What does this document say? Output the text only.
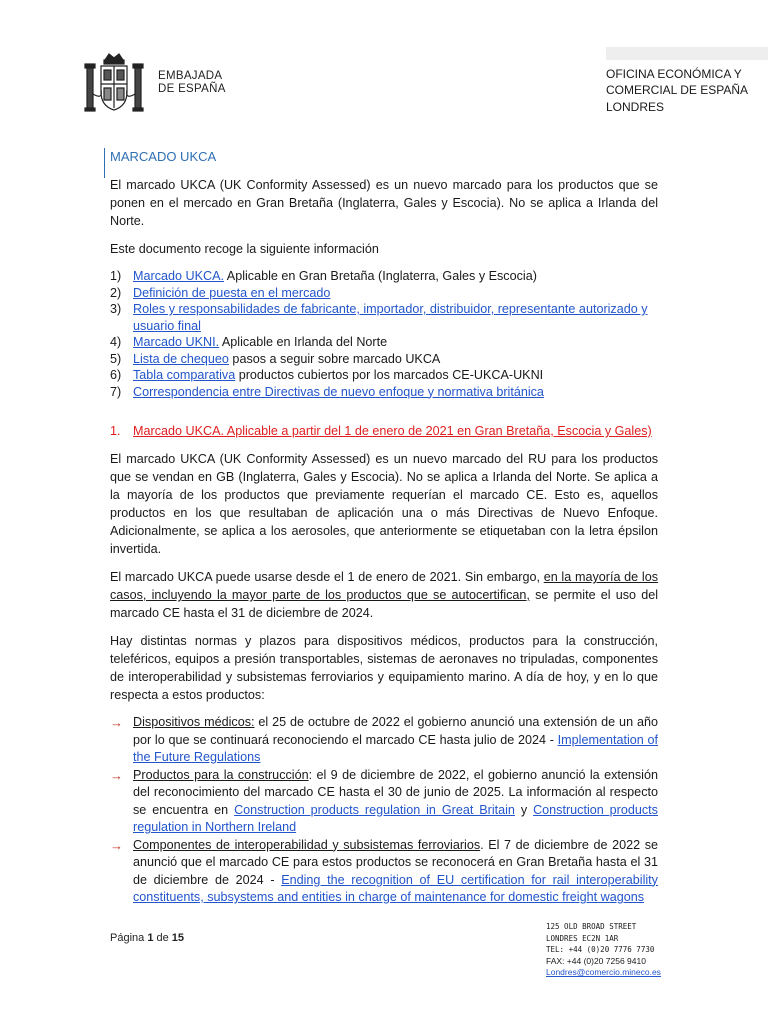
EMBAJADA
DE ESPAÑA
OFICINA ECONÓMICA Y
COMERCIAL DE ESPAÑA
LONDRES
MARCADO UKCA

El marcado UKCA (UK Conformity Assessed) es un nuevo marcado para los productos que se ponen en el mercado en Gran Bretaña (Inglaterra, Gales y Escocia). No se aplica a Irlanda del Norte.

Este documento recoge la siguiente información

1) Marcado UKCA. Aplicable en Gran Bretaña (Inglaterra, Gales y Escocia)
2) Definición de puesta en el mercado
3) Roles y responsabilidades de fabricante, importador, distribuidor, representante autorizado y usuario final
4) Marcado UKNI. Aplicable en Irlanda del Norte
5) Lista de chequeo pasos a seguir sobre marcado UKCA
6) Tabla comparativa productos cubiertos por los marcados CE-UKCA-UKNI
7) Correspondencia entre Directivas de nuevo enfoque y normativa británica
1. Marcado UKCA. Aplicable a partir del 1 de enero de 2021 en Gran Bretaña, Escocia y Gales)

El marcado UKCA (UK Conformity Assessed) es un nuevo marcado del RU para los productos que se vendan en GB (Inglaterra, Gales y Escocia). No se aplica a Irlanda del Norte. Se aplica a la mayoría de los productos que previamente requerían el marcado CE. Esto es, aquellos productos en los que resultaban de aplicación una o más Directivas de Nuevo Enfoque. Adicionalmente, se aplica a los aerosoles, que anteriormente se etiquetaban con la letra épsilon invertida.

El marcado UKCA puede usarse desde el 1 de enero de 2021. Sin embargo, en la mayoría de los casos, incluyendo la mayor parte de los productos que se autocertifican, se permite el uso del marcado CE hasta el 31 de diciembre de 2024.

Hay distintas normas y plazos para dispositivos médicos, productos para la construcción, teleféricos, equipos a presión transportables, sistemas de aeronaves no tripuladas, componentes de interoperabilidad y subsistemas ferroviarios y equipamiento marino. A día de hoy, y en lo que respecta a estos productos:

→ Dispositivos médicos: el 25 de octubre de 2022 el gobierno anunció una extensión de un año por lo que se continuará reconociendo el marcado CE hasta julio de 2024 - Implementation of the Future Regulations
→ Productos para la construcción: el 9 de diciembre de 2022, el gobierno anunció la extensión del reconocimiento del marcado CE hasta el 30 de junio de 2025. La información al respecto se encuentra en Construction products regulation in Great Britain y Construction products regulation in Northern Ireland
→ Componentes de interoperabilidad y subsistemas ferroviarios. El 7 de diciembre de 2022 se anunció que el marcado CE para estos productos se reconocerá en Gran Bretaña hasta el 31 de diciembre de 2024 - Ending the recognition of EU certification for rail interoperability constituents, subsystems and entities in charge of maintenance for domestic freight wagons
Página 1 de 15
125 OLD BROAD STREET
LONDRES EC2N 1AR
TEL: +44 (0)20 7776 7730
FAX: +44 (0)20 7256 9410
Londres@comercio.mineco.es
